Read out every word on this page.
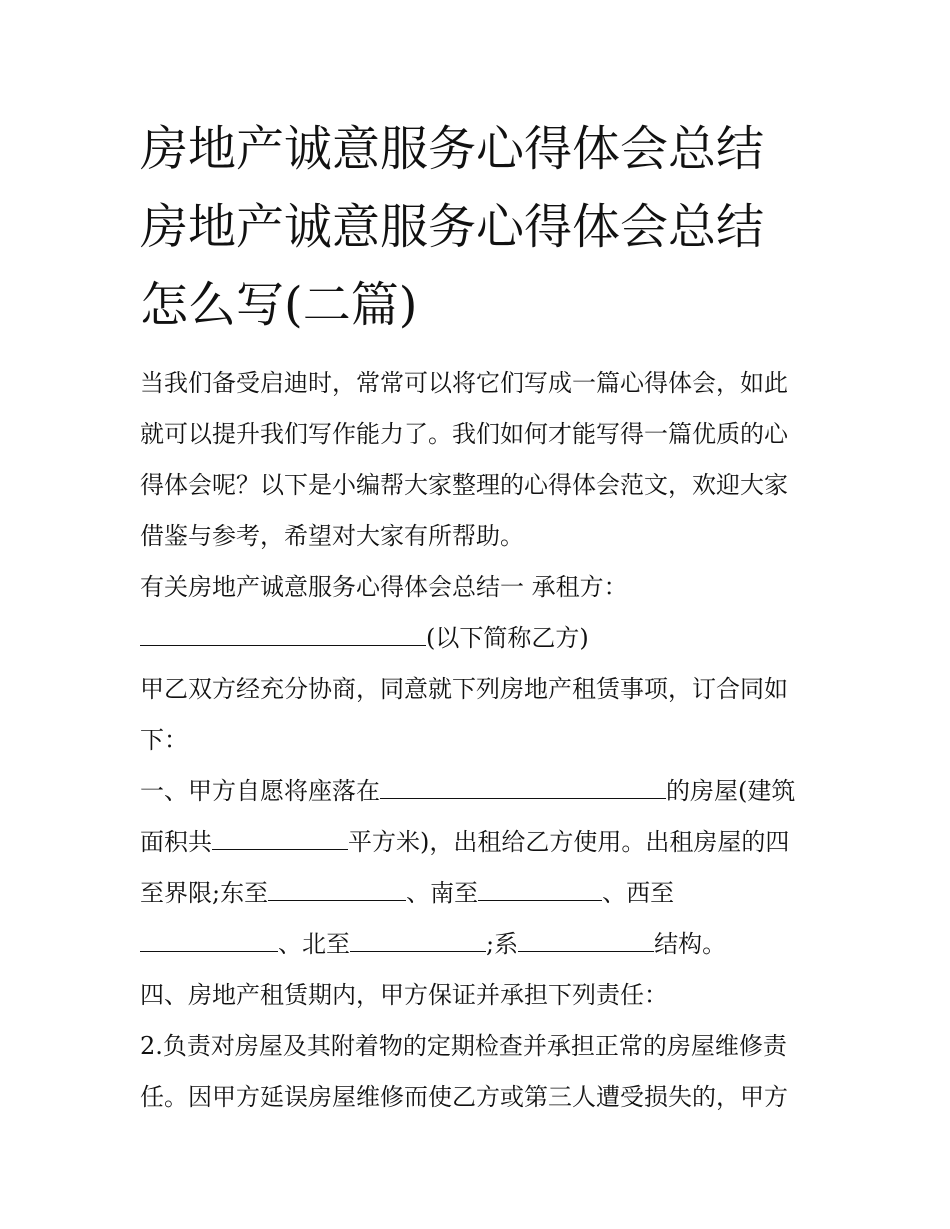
房地产诚意服务心得体会总结
房地产诚意服务心得体会总结
怎么写(二篇)

当我们备受启迪时，常常可以将它们写成一篇心得体会，如此
就可以提升我们写作能力了。我们如何才能写得一篇优质的心
得体会呢？以下是小编帮大家整理的心得体会范文，欢迎大家
借鉴与参考，希望对大家有所帮助。

有关房地产诚意服务心得体会总结一 承租方：

(以下简称乙方)

甲乙双方经充分协商，同意就下列房地产租赁事项，订合同如
下：

一、甲方自愿将座落在	的房屋(建筑
面积共	平方米)，出租给乙方使用。出租房屋的四
至界限;东至	、南至	、西至
、北至	;系	结构。

四、房地产租赁期内，甲方保证并承担下列责任：

2.负责对房屋及其附着物的定期检查并承担正常的房屋维修责
任。因甲方延误房屋维修而使乙方或第三人遭受损失的，甲方
